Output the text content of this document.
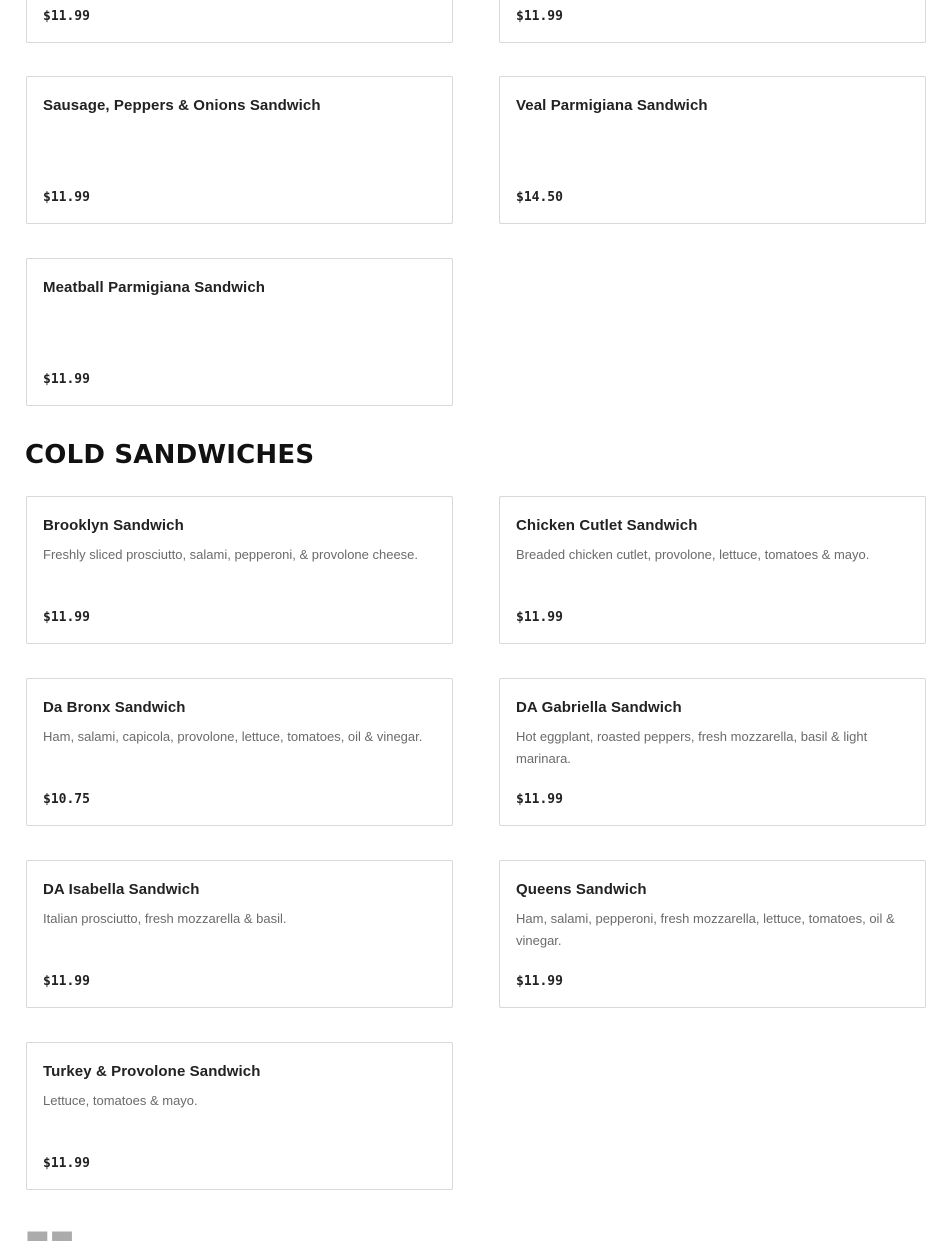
$11.99	$11.99
Sausage, Peppers & Onions Sandwich
$11.99
Veal Parmigiana Sandwich
$14.50
Meatball Parmigiana Sandwich
$11.99
COLD SANDWICHES
Brooklyn Sandwich
Freshly sliced prosciutto, salami, pepperoni, & provolone cheese.
$11.99
Chicken Cutlet Sandwich
Breaded chicken cutlet, provolone, lettuce, tomatoes & mayo.
$11.99
Da Bronx Sandwich
Ham, salami, capicola, provolone, lettuce, tomatoes, oil & vinegar.
$10.75
DA Gabriella Sandwich
Hot eggplant, roasted peppers, fresh mozzarella, basil & light marinara.
$11.99
DA Isabella Sandwich
Italian prosciutto, fresh mozzarella & basil.
$11.99
Queens Sandwich
Ham, salami, pepperoni, fresh mozzarella, lettuce, tomatoes, oil & vinegar.
$11.99
Turkey & Provolone Sandwich
Lettuce, tomatoes & mayo.
$11.99
▬▬
